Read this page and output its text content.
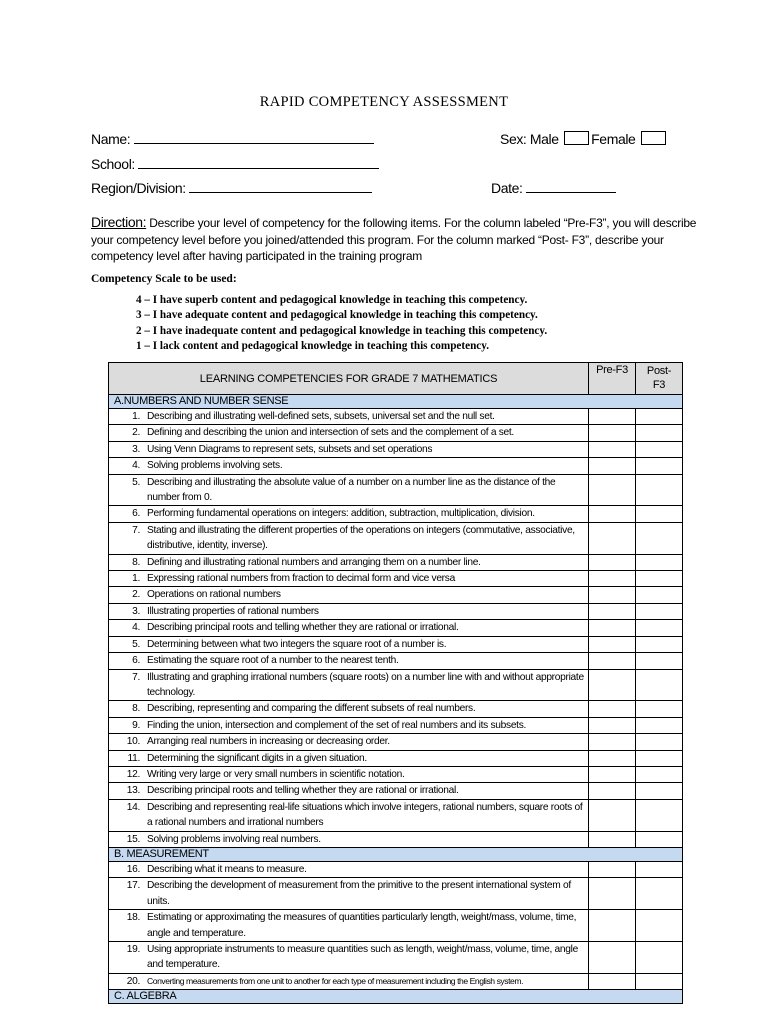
RAPID COMPETENCY ASSESSMENT
Name:	Sex: Male Female
School:
Region/Division:	Date:
Direction: Describe your level of competency for the following items. For the column labeled “Pre-F3”, you will describe your competency level before you joined/attended this program. For the column marked “Post- F3”, describe your competency level after having participated in the training program
Competency Scale to be used:
4 – I have superb content and pedagogical knowledge in teaching this competency.
3 – I have adequate content and pedagogical knowledge in teaching this competency.
2 – I have inadequate content and pedagogical knowledge in teaching this competency.
1 – I lack content and pedagogical knowledge in teaching this competency.
LEARNING COMPETENCIES FOR GRADE 7 MATHEMATICS	Pre-F3	Post-
F3

A.NUMBERS AND NUMBER SENSE		

1. Describing and illustrating well-defined sets, subsets, universal set and the null set.		

2. Defining and describing the union and intersection of sets and the complement of a set.		

3. Using Venn Diagrams to represent sets, subsets and set operations		

4. Solving problems involving sets.		

5. Describing and illustrating the absolute value of a number on a number line as the distance of the number from 0.		

6. Performing fundamental operations on integers: addition, subtraction, multiplication, division.		

7. Stating and illustrating the different properties of the operations on integers (commutative, associative, distributive, identity, inverse).		

8. Defining and illustrating rational numbers and arranging them on a number line.		

1. Expressing rational numbers from fraction to decimal form and vice versa		

2. Operations on rational numbers		

3. Illustrating properties of rational numbers		

4. Describing principal roots and telling whether they are rational or irrational.		

5. Determining between what two integers the square root of a number is.		

6. Estimating the square root of a number to the nearest tenth.		

7. Illustrating and graphing irrational numbers (square roots) on a number line with and without appropriate technology.		

8. Describing, representing and comparing the different subsets of real numbers.		

9. Finding the union, intersection and complement of the set of real numbers and its subsets.		

10. Arranging real numbers in increasing or decreasing order.		

11. Determining the significant digits in a given situation.		

12. Writing very large or very small numbers in scientific notation.		

13. Describing principal roots and telling whether they are rational or irrational.		

14. Describing and representing real-life situations which involve integers, rational numbers, square roots of a rational numbers and irrational numbers		

15. Solving problems involving real numbers.		

B. MEASUREMENT		

16. Describing what it means to measure.		

17. Describing the development of measurement from the primitive to the present international system of units.		

18. Estimating or approximating the measures of quantities particularly length, weight/mass, volume, time, angle and temperature.		

19. Using appropriate instruments to measure quantities such as length, weight/mass, volume, time, angle and temperature.		

20. Converting measurements from one unit to another for each type of measurement including the English system.		

C. ALGEBRA		
